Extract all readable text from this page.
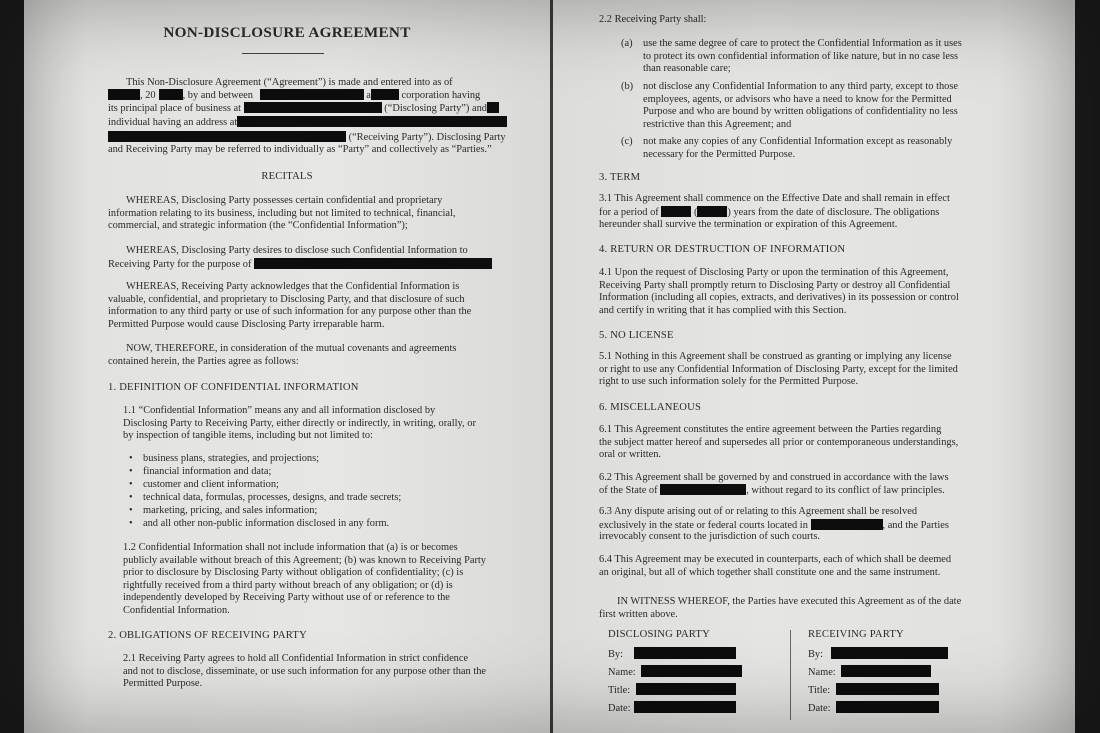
NON-DISCLOSURE AGREEMENT

This Non-Disclosure Agreement (“Agreement”) is made and entered into as of

, 20	, by and between	a	corporation having
its principal place of business at	(“Disclosing Party”) and
individual having an address at
(“Receiving Party”). Disclosing Party

and Receiving Party may be referred to individually as “Party” and collectively as “Parties.”

RECITALS

WHEREAS, Disclosing Party possesses certain confidential and proprietary

information relating to its business, including but not limited to technical, financial,

commercial, and strategic information (the “Confidential Information”);

WHEREAS, Disclosing Party desires to disclose such Confidential Information to

Receiving Party for the purpose of

WHEREAS, Receiving Party acknowledges that the Confidential Information is

valuable, confidential, and proprietary to Disclosing Party, and that disclosure of such

information to any third party or use of such information for any purpose other than the

Permitted Purpose would cause Disclosing Party irreparable harm.

NOW, THEREFORE, in consideration of the mutual covenants and agreements

contained herein, the Parties agree as follows:

1. DEFINITION OF CONFIDENTIAL INFORMATION

1.1 “Confidential Information” means any and all information disclosed by

Disclosing Party to Receiving Party, either directly or indirectly, in writing, orally, or

by inspection of tangible items, including but not limited to:

• business plans, strategies, and projections;
• financial information and data;
• customer and client information;
• technical data, formulas, processes, designs, and trade secrets;
• marketing, pricing, and sales information;
• and all other non-public information disclosed in any form.

1.2 Confidential Information shall not include information that (a) is or becomes

publicly available without breach of this Agreement; (b) was known to Receiving Party

prior to disclosure by Disclosing Party without obligation of confidentiality; (c) is

rightfully received from a third party without breach of any obligation; or (d) is

independently developed by Receiving Party without use of or reference to the

Confidential Information.

2. OBLIGATIONS OF RECEIVING PARTY

2.1 Receiving Party agrees to hold all Confidential Information in strict confidence

and not to disclose, disseminate, or use such information for any purpose other than the

Permitted Purpose.

2.2 Receiving Party shall:

(a) use the same degree of care to protect the Confidential Information as it uses

to protect its own confidential information of like nature, but in no case less

than reasonable care;

(b) not disclose any Confidential Information to any third party, except to those

employees, agents, or advisors who have a need to know for the Permitted

Purpose and who are bound by written obligations of confidentiality no less

restrictive than this Agreement; and

(c) not make any copies of any Confidential Information except as reasonably

necessary for the Permitted Purpose.

3. TERM

3.1 This Agreement shall commence on the Effective Date and shall remain in effect

for a period of	(	) years from the date of disclosure. The obligations

hereunder shall survive the termination or expiration of this Agreement.

4. RETURN OR DESTRUCTION OF INFORMATION

4.1 Upon the request of Disclosing Party or upon the termination of this Agreement,

Receiving Party shall promptly return to Disclosing Party or destroy all Confidential

Information (including all copies, extracts, and derivatives) in its possession or control

and certify in writing that it has complied with this Section.

5. NO LICENSE

5.1 Nothing in this Agreement shall be construed as granting or implying any license

or right to use any Confidential Information of Disclosing Party, except for the limited

right to use such information solely for the Permitted Purpose.

6. MISCELLANEOUS

6.1 This Agreement constitutes the entire agreement between the Parties regarding

the subject matter hereof and supersedes all prior or contemporaneous understandings,

oral or written.

6.2 This Agreement shall be governed by and construed in accordance with the laws

of the State of	, without regard to its conflict of law principles.

6.3 Any dispute arising out of or relating to this Agreement shall be resolved

exclusively in the state or federal courts located in	, and the Parties

irrevocably consent to the jurisdiction of such courts.

6.4 This Agreement may be executed in counterparts, each of which shall be deemed

an original, but all of which together shall constitute one and the same instrument.

IN WITNESS WHEREOF, the Parties have executed this Agreement as of the date

first written above.

DISCLOSING PARTY
By:
Name:
Title:
Date:
RECEIVING PARTY
By:
Name:
Title:
Date:
